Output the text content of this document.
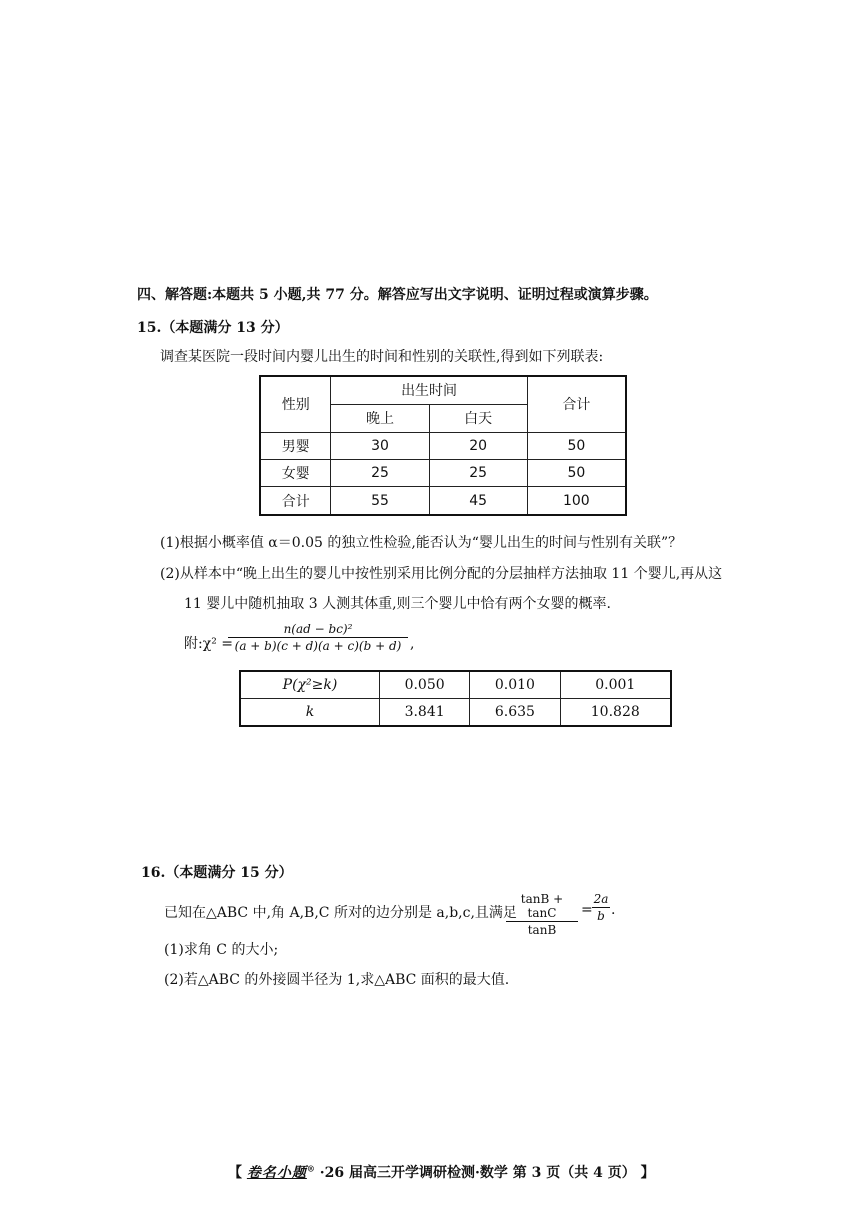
四、解答题:本题共 5 小题,共 77 分。解答应写出文字说明、证明过程或演算步骤。
15.（本题满分 13 分）
调查某医院一段时间内婴儿出生的时间和性别的关联性,得到如下列联表:
性别	出生时间		合计
	晚上	白天	
男婴	30	20	50
女婴	25	25	50
合计	55	45	100
(1)根据小概率值 α＝0.05 的独立性检验,能否认为“婴儿出生的时间与性别有关联”？
(2)从样本中“晚上出生的婴儿中按性别采用比例分配的分层抽样方法抽取 11 个婴儿,再从这
11 婴儿中随机抽取 3 人测其体重,则三个婴儿中恰有两个女婴的概率.
附:χ² =
n(ad − bc)²
(a + b)(c + d)(a + c)(b + d) ,
P(χ²≥k)	0.050	0.010	0.001
k	3.841	6.635	10.828
16.（本题满分 15 分）
已知在△ABC 中,角 A,B,C 所对的边分别是 a,b,c,且满足
tanB + tanC
tanB
=
2a
b .
(1)求角 C 的大小;
(2)若△ABC 的外接圆半径为 1,求△ABC 面积的最大值.
【 卷名小题® ·26 届高三开学调研检测·数学 第 3 页（共 4 页） 】
